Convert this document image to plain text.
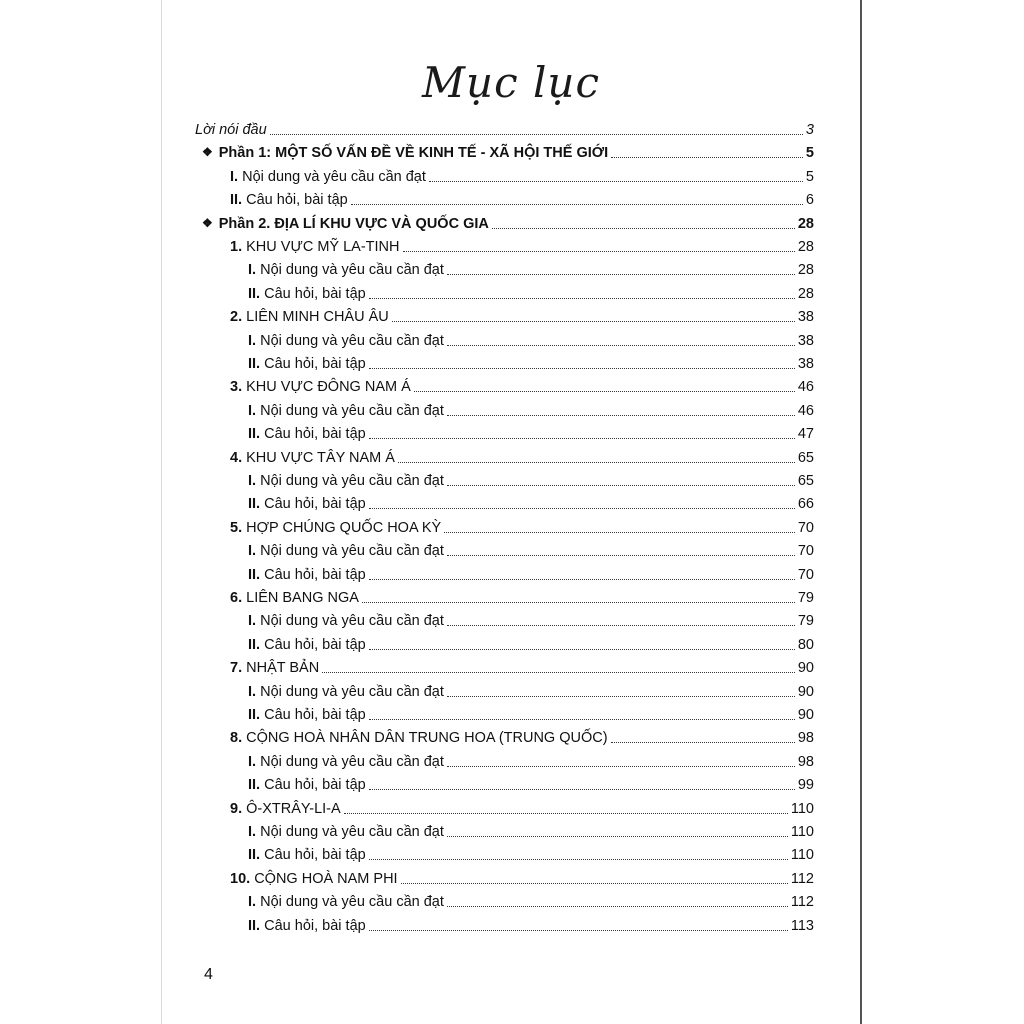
Mục lục
Lời nói đầu	3
❖ Phần 1: MỘT SỐ VẤN ĐỀ VỀ KINH TẾ - XÃ HỘI THẾ GIỚI	5
I. Nội dung và yêu cầu cần đạt	5
II. Câu hỏi, bài tập	6
❖ Phần 2. ĐỊA LÍ KHU VỰC VÀ QUỐC GIA	28
1. KHU VỰC MỸ LA-TINH	28
I. Nội dung và yêu cầu cần đạt	28
II. Câu hỏi, bài tập	28
2. LIÊN MINH CHÂU ÂU	38
I. Nội dung và yêu cầu cần đạt	38
II. Câu hỏi, bài tập	38
3. KHU VỰC ĐÔNG NAM Á	46
I. Nội dung và yêu cầu cần đạt	46
II. Câu hỏi, bài tập	47
4. KHU VỰC TÂY NAM Á	65
I. Nội dung và yêu cầu cần đạt	65
II. Câu hỏi, bài tập	66
5. HỢP CHÚNG QUỐC HOA KỲ	70
I. Nội dung và yêu cầu cần đạt	70
II. Câu hỏi, bài tập	70
6. LIÊN BANG NGA	79
I. Nội dung và yêu cầu cần đạt	79
II. Câu hỏi, bài tập	80
7. NHẬT BẢN	90
I. Nội dung và yêu cầu cần đạt	90
II. Câu hỏi, bài tập	90
8. CỘNG HOÀ NHÂN DÂN TRUNG HOA (TRUNG QUỐC)	98
I. Nội dung và yêu cầu cần đạt	98
II. Câu hỏi, bài tập	99
9. Ô-XTRÂY-LI-A	110
I. Nội dung và yêu cầu cần đạt	110
II. Câu hỏi, bài tập	110
10. CỘNG HOÀ NAM PHI	112
I. Nội dung và yêu cầu cần đạt	112
II. Câu hỏi, bài tập	113
4
